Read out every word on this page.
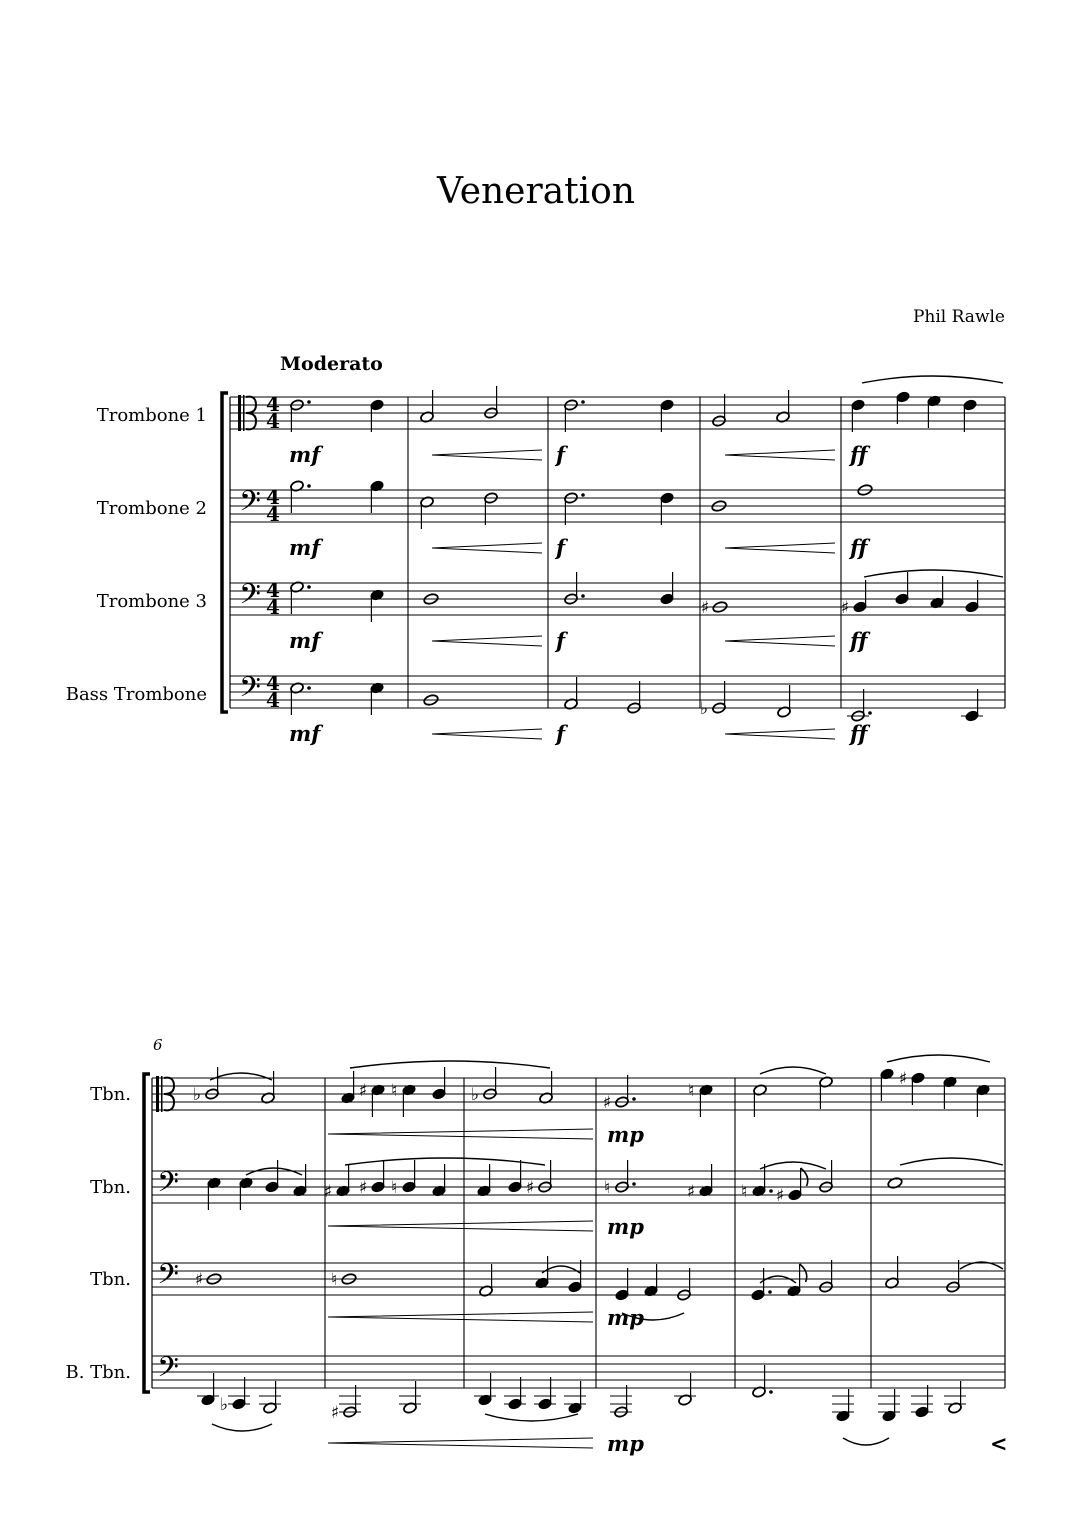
Veneration
Phil Rawle
Moderato
Trombone 1	4
4
Trombone 2 𝄢 4
4
Trombone 3 𝄢 4
4
Bass Trombone 𝄢 4
4
♯	♯
♭
mf	f	ff
mf	f	ff
mf	f	ff
mf	f	ff
6
Tbn.
Tbn. 𝄢
Tbn. 𝄢
B. Tbn. 𝄢
♭	♯ ♮	♭	♯
♮
♯
♯ ♯ ♮	♯	♮	♯	♮ ♯
♯	♮
♭	♯
mp
mp
mp
mp	<
